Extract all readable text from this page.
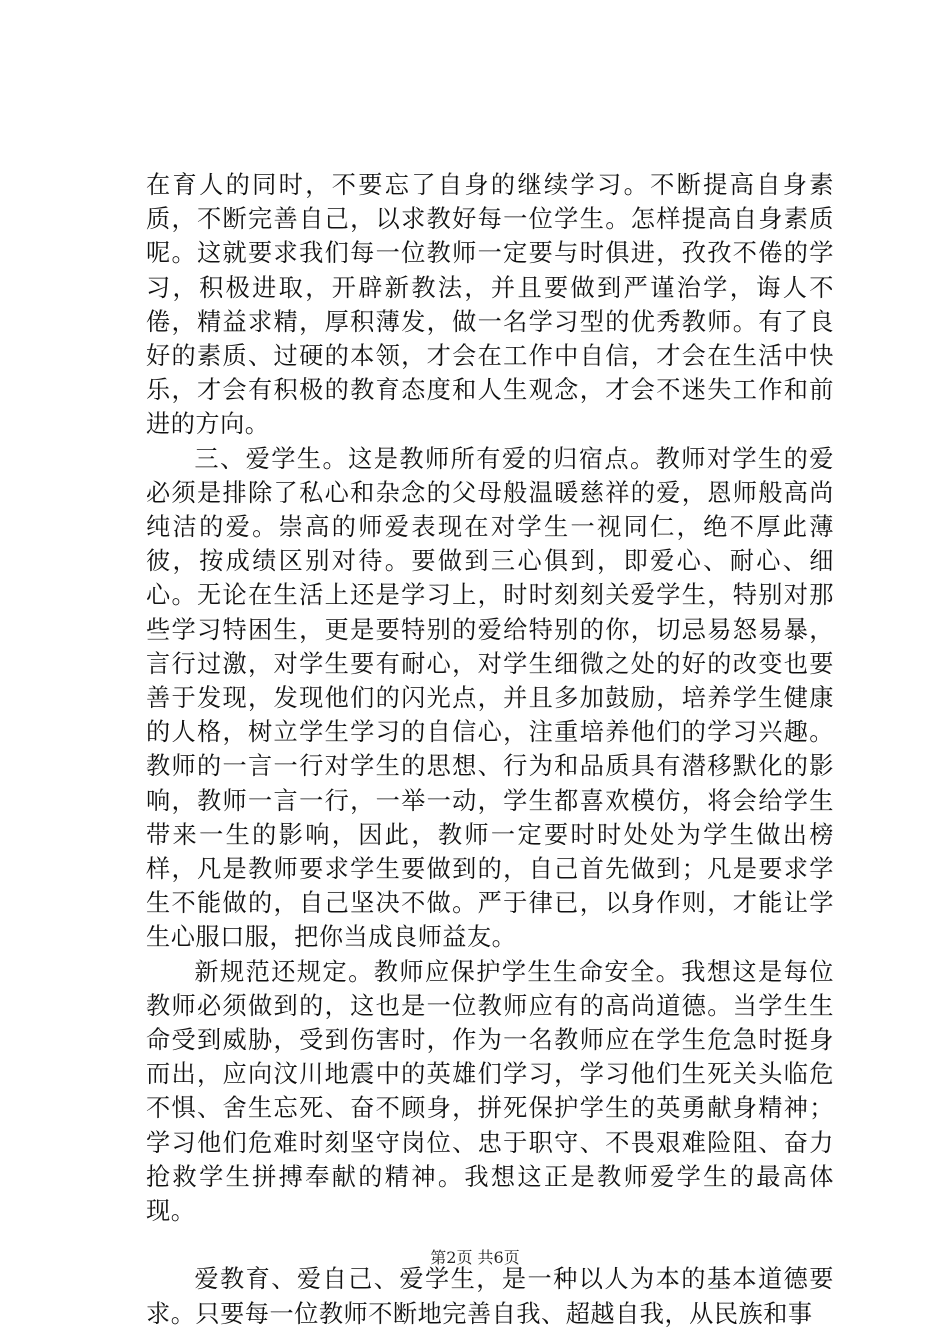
在育人的同时，不要忘了自身的继续学习。不断提高自身素质，不断完善自己，以求教好每一位学生。怎样提高自身素质呢。这就要求我们每一位教师一定要与时俱进，孜孜不倦的学习，积极进取，开辟新教法，并且要做到严谨治学，诲人不倦，精益求精，厚积薄发，做一名学习型的优秀教师。有了良好的素质、过硬的本领，才会在工作中自信，才会在生活中快乐，才会有积极的教育态度和人生观念，才会不迷失工作和前进的方向。

三、爱学生。这是教师所有爱的归宿点。教师对学生的爱必须是排除了私心和杂念的父母般温暖慈祥的爱，恩师般高尚纯洁的爱。崇高的师爱表现在对学生一视同仁，绝不厚此薄彼，按成绩区别对待。要做到三心俱到，即爱心、耐心、细心。无论在生活上还是学习上，时时刻刻关爱学生，特别对那些学习特困生，更是要特别的爱给特别的你，切忌易怒易暴，言行过激，对学生要有耐心，对学生细微之处的好的改变也要善于发现，发现他们的闪光点，并且多加鼓励，培养学生健康的人格，树立学生学习的自信心，注重培养他们的学习兴趣。教师的一言一行对学生的思想、行为和品质具有潜移默化的影响，教师一言一行，一举一动，学生都喜欢模仿，将会给学生带来一生的影响，因此，教师一定要时时处处为学生做出榜样，凡是教师要求学生要做到的，自己首先做到；凡是要求学生不能做的，自己坚决不做。严于律已，以身作则，才能让学生心服口服，把你当成良师益友。

新规范还规定。教师应保护学生生命安全。我想这是每位教师必须做到的，这也是一位教师应有的高尚道德。当学生生命受到威胁，受到伤害时，作为一名教师应在学生危急时挺身而出，应向汶川地震中的英雄们学习，学习他们生死关头临危不惧、舍生忘死、奋不顾身，拼死保护学生的英勇献身精神；学习他们危难时刻坚守岗位、忠于职守、不畏艰难险阻、奋力抢救学生拼搏奉献的精神。我想这正是教师爱学生的最高体现。

爱教育、爱自己、爱学生，是一种以人为本的基本道德要求。只要每一位教师不断地完善自我、超越自我，从民族和事

第2页 共6页
